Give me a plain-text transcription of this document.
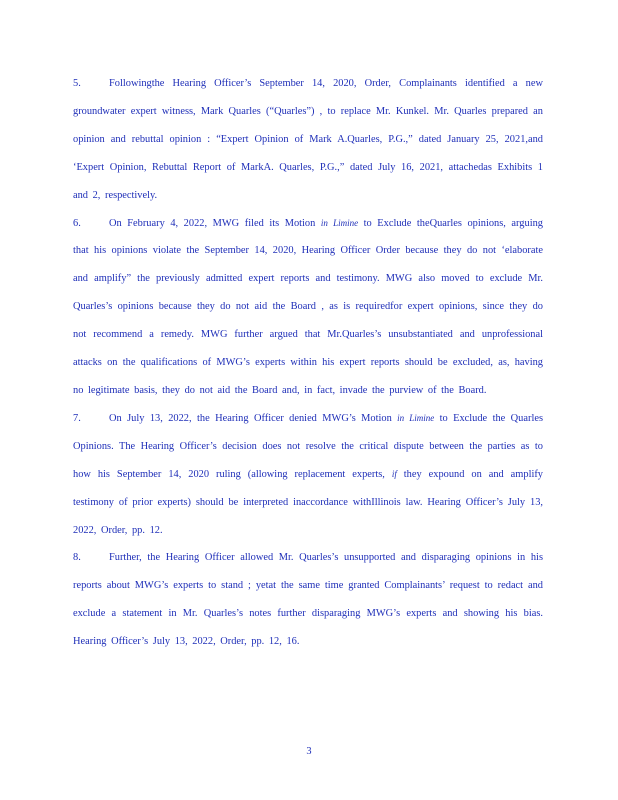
5.	Followingthe Hearing Officer’s September 14, 2020, Order, Complainants identified a new groundwater expert witness, Mark Quarles (“Quarles”) , to replace Mr. Kunkel. Mr. Quarles prepared an opinion and rebuttal opinion : “Expert Opinion of Mark A.Quarles, P.G.,” dated January 25, 2021,and ‘Expert Opinion, Rebuttal Report of MarkA. Quarles, P.G.,” dated July 16, 2021, attachedas Exhibits 1 and 2, respectively.

6.	On February 4, 2022, MWG filed its Motion in Limine to Exclude theQuarles opinions, arguing that his opinions violate the September 14, 2020, Hearing Officer Order because they do not ‘elaborate and amplify” the previously admitted expert reports and testimony. MWG also moved to exclude Mr. Quarles’s opinions because they do not aid the Board , as is requiredfor expert opinions, since they do not recommend a remedy. MWG further argued that Mr.Quarles’s unsubstantiated and unprofessional attacks on the qualifications of MWG’s experts within his expert reports should be excluded, as, having no legitimate basis, they do not aid the Board and, in fact, invade the purview of the Board.

7.	On July 13, 2022, the Hearing Officer denied MWG’s Motion in Limine to Exclude the Quarles Opinions. The Hearing Officer’s decision does not resolve the critical dispute between the parties as to how his September 14, 2020 ruling (allowing replacement experts, if they expound on and amplify testimony of prior experts) should be interpreted inaccordance withIllinois law. Hearing Officer’s July 13, 2022, Order, pp. 12.

8.	Further, the Hearing Officer allowed Mr. Quarles’s unsupported and disparaging opinions in his reports about MWG’s experts to stand ; yetat the same time granted Complainants’ request to redact and exclude a statement in Mr. Quarles’s notes further disparaging MWG’s experts and showing his bias. Hearing Officer’s July 13, 2022, Order, pp. 12, 16.

3
